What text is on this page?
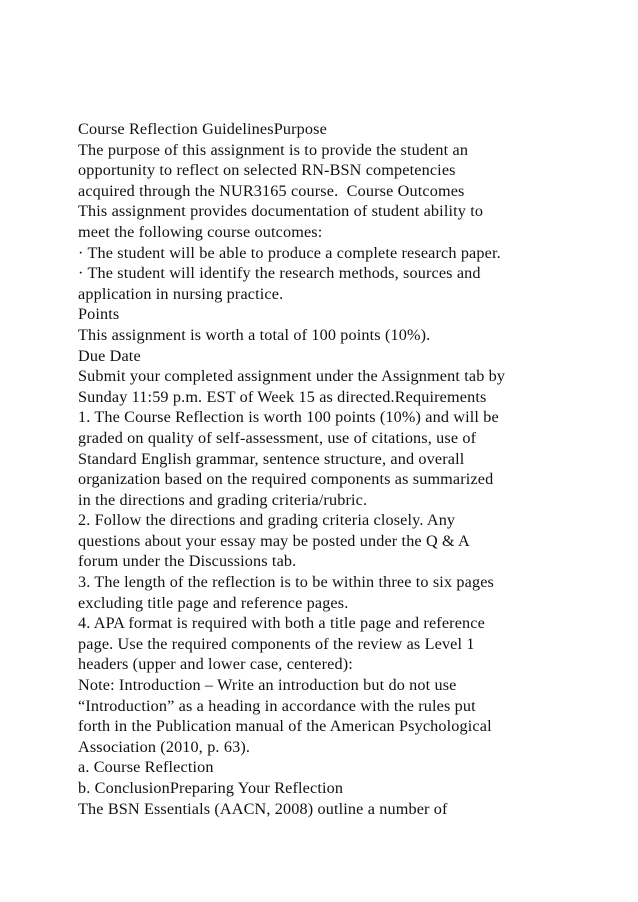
Course Reflection GuidelinesPurpose
The purpose of this assignment is to provide the student an
opportunity to reflect on selected RN-BSN competencies
acquired through the NUR3165 course.  Course Outcomes
This assignment provides documentation of student ability to
meet the following course outcomes:
· The student will be able to produce a complete research paper.
· The student will identify the research methods, sources and
application in nursing practice.
Points
This assignment is worth a total of 100 points (10%).
Due Date
Submit your completed assignment under the Assignment tab by
Sunday 11:59 p.m. EST of Week 15 as directed.Requirements
1. The Course Reflection is worth 100 points (10%) and will be
graded on quality of self-assessment, use of citations, use of
Standard English grammar, sentence structure, and overall
organization based on the required components as summarized
in the directions and grading criteria/rubric.
2. Follow the directions and grading criteria closely. Any
questions about your essay may be posted under the Q & A
forum under the Discussions tab.
3. The length of the reflection is to be within three to six pages
excluding title page and reference pages.
4. APA format is required with both a title page and reference
page. Use the required components of the review as Level 1
headers (upper and lower case, centered):
Note: Introduction – Write an introduction but do not use
“Introduction” as a heading in accordance with the rules put
forth in the Publication manual of the American Psychological
Association (2010, p. 63).
a. Course Reflection
b. ConclusionPreparing Your Reflection
The BSN Essentials (AACN, 2008) outline a number of
